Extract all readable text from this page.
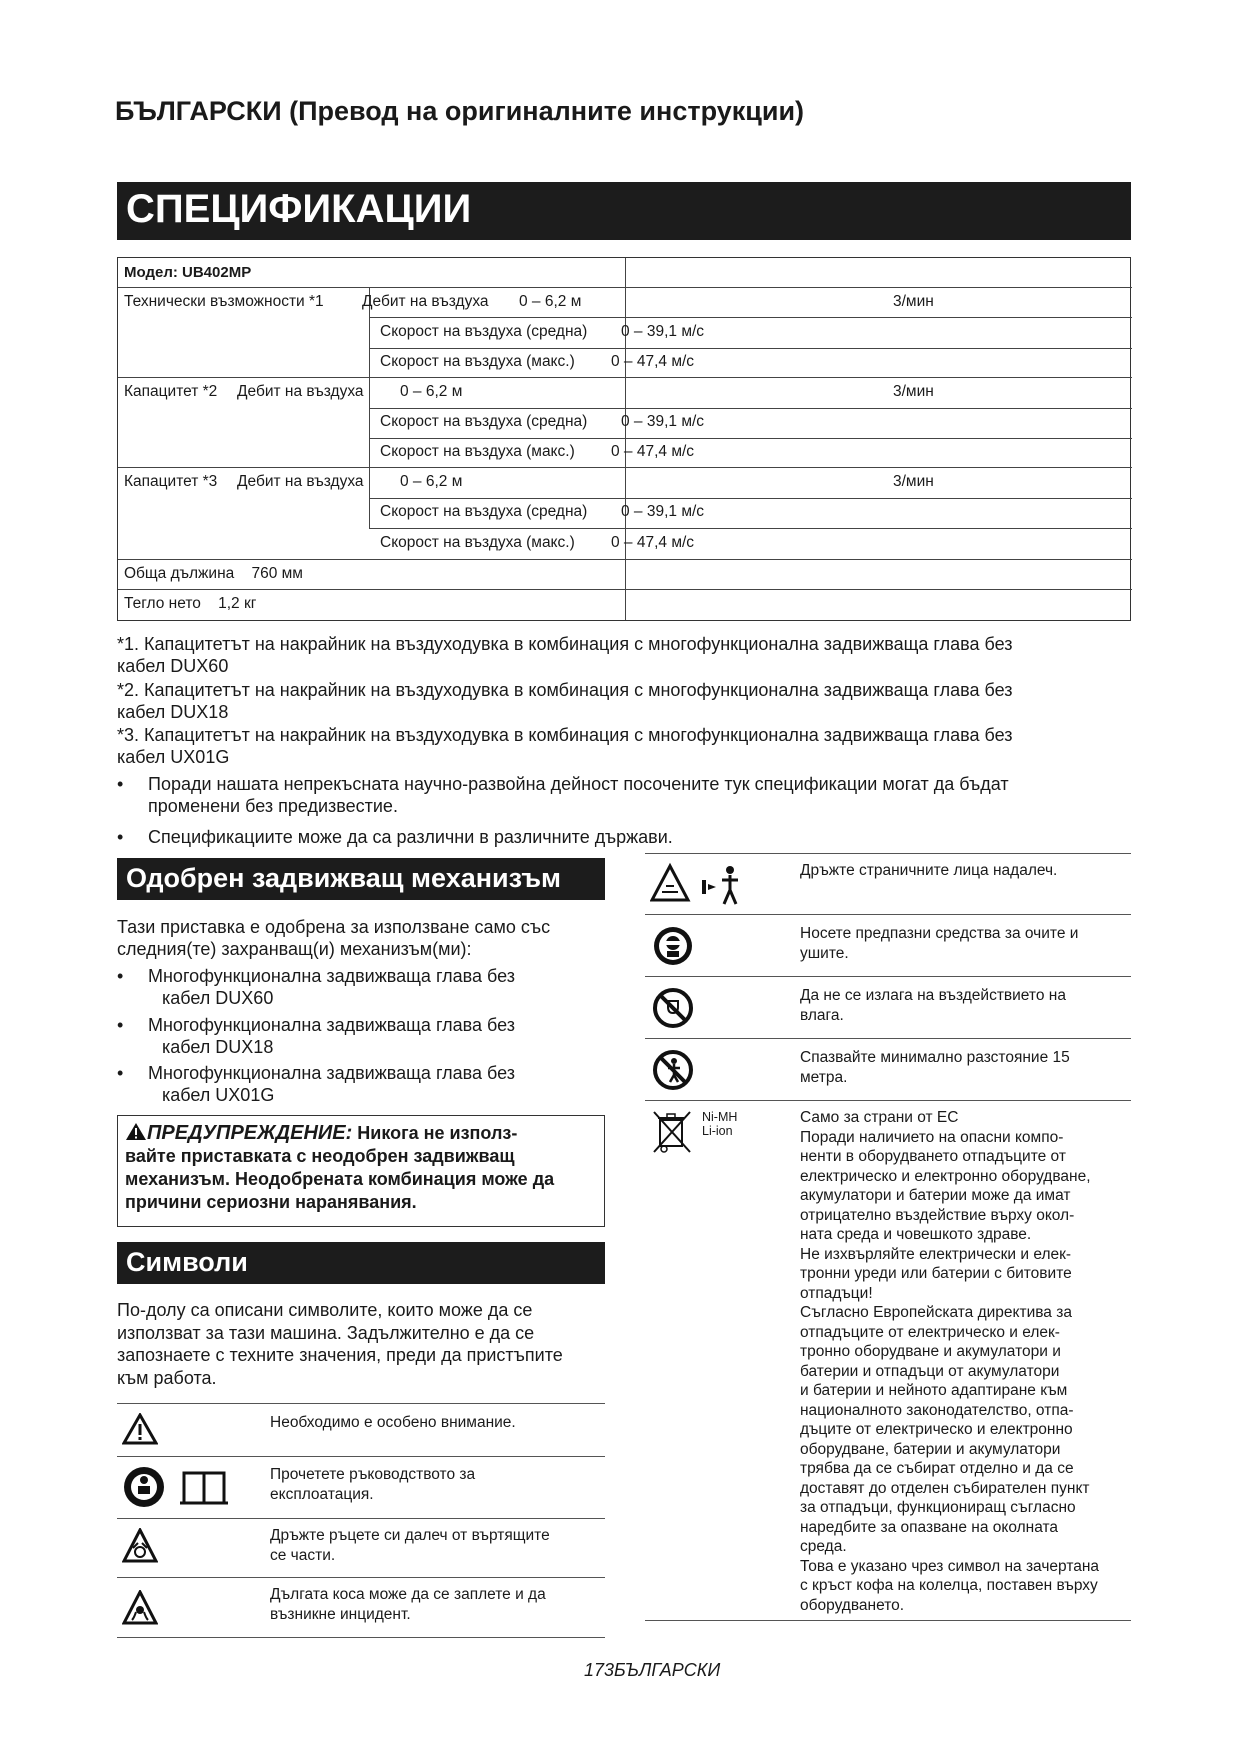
БЪЛГАРСКИ (Превод на оригиналните инструкции)
СПЕЦИФИКАЦИИ
Модел: UB402MP
Технически възможности *1 Дебит на въздуха 0 – 6,2 м	3/мин
Скорост на въздуха (средна) 0 – 39,1 м/с
Скорост на въздуха (макс.) 0 – 47,4 м/с
Капацитет *2 Дебит на въздуха 0 – 6,2 м	3/мин
Скорост на въздуха (средна) 0 – 39,1 м/с
Скорост на въздуха (макс.) 0 – 47,4 м/с
Капацитет *3 Дебит на въздуха 0 – 6,2 м	3/мин
Скорост на въздуха (средна) 0 – 39,1 м/с
Скорост на въздуха (макс.) 0 – 47,4 м/с
Обща дължина    760 мм
Тегло нето    1,2 кг
*1. Капацитетът на накрайник на въздуходувка в комбинация с многофункционална задвижваща глава без
кабел DUX60
*2. Капацитетът на накрайник на въздуходувка в комбинация с многофункционална задвижваща глава без
кабел DUX18
*3. Капацитетът на накрайник на въздуходувка в комбинация с многофункционална задвижваща глава без
кабел UX01G
• Поради нашата непрекъсната научно-развойна дейност посочените тук спецификации могат да бъдат
променени без предизвестие.
• Спецификациите може да са различни в различните държави.
Одобрен задвижващ механизъм
Тази приставка е одобрена за използване само със
следния(те) захранващ(и) механизъм(ми):
• Многофункционална задвижваща глава без
кабел DUX60
• Многофункционална задвижваща глава без
кабел DUX18
• Многофункционална задвижваща глава без
кабел UX01G
ПРЕДУПРЕЖДЕНИЕ: Никога не използ-
вайте приставката с неодобрен задвижващ
механизъм. Неодобрената комбинация може да
причини сериозни наранявания.
Символи
По-долу са описани символите, които може да се
използват за тази машина. Задължително е да се
запознаете с техните значения, преди да пристъпите
към работа.
Необходимо е особено внимание.
Прочетете ръководството за
експлоатация.
Дръжте ръцете си далеч от въртящите
се части.
Дългата коса може да се заплете и да
възникне инцидент.
Дръжте страничните лица надалеч.
Носете предпазни средства за очите и
ушите.
Да не се излага на въздействието на
влага.
Спазвайте минимално разстояние 15
метра.
Ni-MH
Li-ion
Само за страни от ЕС
Поради наличието на опасни компо-
ненти в оборудването отпадъците от
електрическо и електронно оборудване,
акумулатори и батерии може да имат
отрицателно въздействие върху окол-
ната среда и човешкото здраве.
Не изхвърляйте електрически и елек-
тронни уреди или батерии с битовите
отпадъци!
Съгласно Европейската директива за
отпадъците от електрическо и елек-
тронно оборудване и акумулатори и
батерии и отпадъци от акумулатори
и батерии и нейното адаптиране към
националното законодателство, отпа-
дъците от електрическо и електронно
оборудване, батерии и акумулатори
трябва да се събират отделно и да се
доставят до отделен събирателен пункт
за отпадъци, функциониращ съгласно
наредбите за опазване на околната
среда.
Това е указано чрез символ на зачертана
с кръст кофа на колелца, поставен върху
оборудването.
173БЪЛГАРСКИ
